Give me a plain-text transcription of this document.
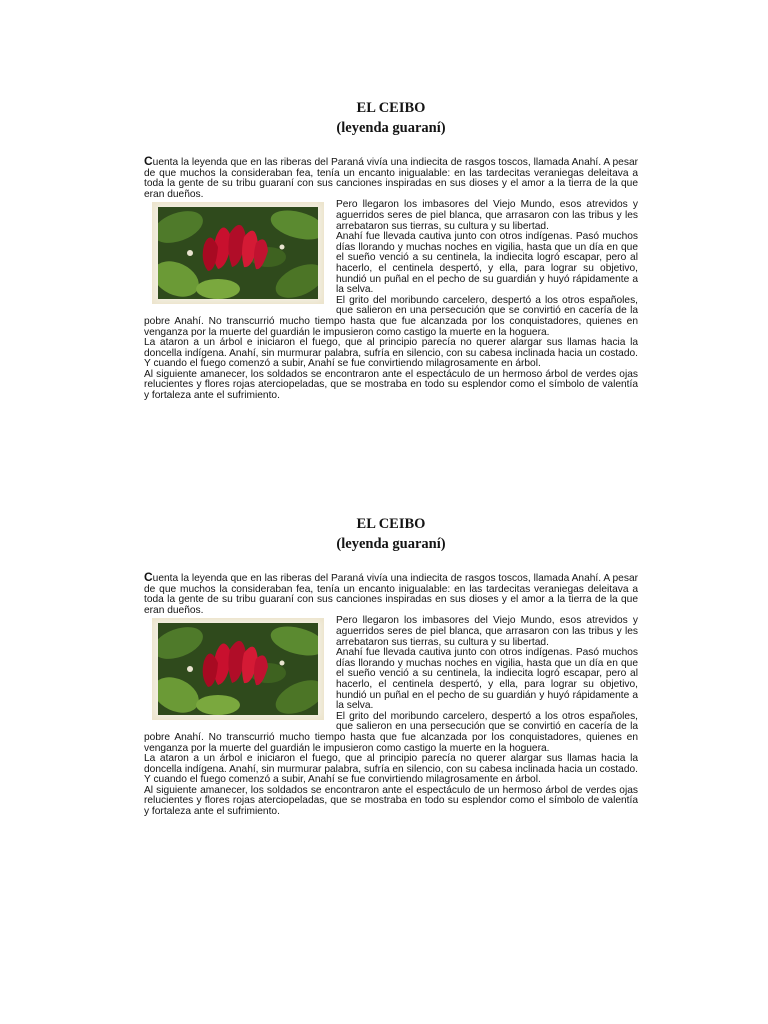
EL CEIBO
(leyenda guaraní)

Cuenta la leyenda que en las riberas del Paraná vivía una indiecita de rasgos toscos, llamada Anahí. A pesar de que muchos la consideraban fea, tenía un encanto inigualable: en las tardecitas veraniegas deleitava a toda la gente de su tribu guaraní con sus canciones inspiradas en sus dioses y el amor a la tierra de la que eran dueños.

Pero llegaron los imbasores del Viejo Mundo, esos atrevidos y aguerridos seres de piel blanca, que arrasaron con las tribus y les arrebataron sus tierras, su cultura y su libertad.

Anahí fue llevada cautiva junto con otros indígenas. Pasó muchos días llorando y muchas noches en vigilia, hasta que un día en que el sueño venció a su centinela, la indiecita logró escapar, pero al hacerlo, el centinela despertó, y ella, para lograr su objetivo, hundió un puñal en el pecho de su guardián y huyó rápidamente a la selva.

El grito del moribundo carcelero, despertó a los otros españoles, que salieron en una persecución que se convirtió en cacería de la pobre Anahí. No transcurrió mucho tiempo hasta que fue alcanzada por los conquistadores, quienes en venganza por la muerte del guardián le impusieron como castigo la muerte en la hoguera.

La ataron a un árbol e iniciaron el fuego, que al principio parecía no querer alargar sus llamas hacia la doncella indígena. Anahí, sin murmurar palabra, sufría en silencio, con su cabesa inclinada hacia un costado. Y cuando el fuego comenzó a subir, Anahí se fue convirtiendo milagrosamente en árbol.

Al siguiente amanecer, los soldados se encontraron ante el espectáculo de un hermoso árbol de verdes ojas relucientes y flores rojas aterciopeladas, que se mostraba en todo su esplendor como el símbolo de valentía y fortaleza ante el sufrimiento.

EL CEIBO
(leyenda guaraní)

Cuenta la leyenda que en las riberas del Paraná vivía una indiecita de rasgos toscos, llamada Anahí. A pesar de que muchos la consideraban fea, tenía un encanto inigualable: en las tardecitas veraniegas deleitava a toda la gente de su tribu guaraní con sus canciones inspiradas en sus dioses y el amor a la tierra de la que eran dueños.

Pero llegaron los imbasores del Viejo Mundo, esos atrevidos y aguerridos seres de piel blanca, que arrasaron con las tribus y les arrebataron sus tierras, su cultura y su libertad.

Anahí fue llevada cautiva junto con otros indígenas. Pasó muchos días llorando y muchas noches en vigilia, hasta que un día en que el sueño venció a su centinela, la indiecita logró escapar, pero al hacerlo, el centinela despertó, y ella, para lograr su objetivo, hundió un puñal en el pecho de su guardián y huyó rápidamente a la selva.

El grito del moribundo carcelero, despertó a los otros españoles, que salieron en una persecución que se convirtió en cacería de la pobre Anahí. No transcurrió mucho tiempo hasta que fue alcanzada por los conquistadores, quienes en venganza por la muerte del guardián le impusieron como castigo la muerte en la hoguera.

La ataron a un árbol e iniciaron el fuego, que al principio parecía no querer alargar sus llamas hacia la doncella indígena. Anahí, sin murmurar palabra, sufría en silencio, con su cabesa inclinada hacia un costado. Y cuando el fuego comenzó a subir, Anahí se fue convirtiendo milagrosamente en árbol.

Al siguiente amanecer, los soldados se encontraron ante el espectáculo de un hermoso árbol de verdes ojas relucientes y flores rojas aterciopeladas, que se mostraba en todo su esplendor como el símbolo de valentía y fortaleza ante el sufrimiento.
